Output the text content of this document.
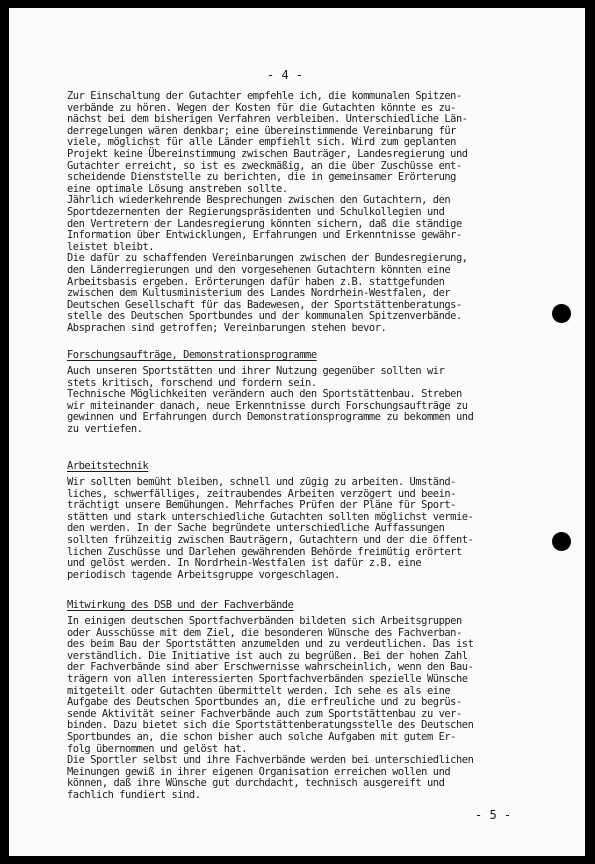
- 4 -
Zur Einschaltung der Gutachter empfehle ich, die kommunalen Spitzen-
verbände zu hören. Wegen der Kosten für die Gutachten könnte es zu-
nächst bei dem bisherigen Verfahren verbleiben. Unterschiedliche Län-
derregelungen wären denkbar; eine übereinstimmende Vereinbarung für
viele, möglichst für alle Länder empfiehlt sich. Wird zum geplanten
Projekt keine Übereinstimmung zwischen Bauträger, Landesregierung und
Gutachter erreicht, so ist es zweckmäßig, an die über Zuschüsse ent-
scheidende Dienststelle zu berichten, die in gemeinsamer Erörterung
eine optimale Lösung anstreben sollte.
Jährlich wiederkehrende Besprechungen zwischen den Gutachtern, den
Sportdezernenten der Regierungspräsidenten und Schulkollegien und
den Vertretern der Landesregierung könnten sichern, daß die ständige
Information über Entwicklungen, Erfahrungen und Erkenntnisse gewähr-
leistet bleibt.
Die dafür zu schaffenden Vereinbarungen zwischen der Bundesregierung,
den Länderregierungen und den vorgesehenen Gutachtern könnten eine
Arbeitsbasis ergeben. Erörterungen dafür haben z.B. stattgefunden
zwischen dem Kultusministerium des Landes Nordrhein-Westfalen, der
Deutschen Gesellschaft für das Badewesen, der Sportstättenberatungs-
stelle des Deutschen Sportbundes und der kommunalen Spitzenverbände.
Absprachen sind getroffen; Vereinbarungen stehen bevor.
Forschungsaufträge, Demonstrationsprogramme
Auch unseren Sportstätten und ihrer Nutzung gegenüber sollten wir
stets kritisch, forschend und fordern sein.
Technische Möglichkeiten verändern auch den Sportstättenbau. Streben
wir miteinander danach, neue Erkenntnisse durch Forschungsaufträge zu
gewinnen und Erfahrungen durch Demonstrationsprogramme zu bekommen und
zu vertiefen.
Arbeitstechnik
Wir sollten bemüht bleiben, schnell und zügig zu arbeiten. Umständ-
liches, schwerfälliges, zeitraubendes Arbeiten verzögert und beein-
trächtigt unsere Bemühungen. Mehrfaches Prüfen der Pläne für Sport-
stätten und stark unterschiedliche Gutachten sollten möglichst vermie-
den werden. In der Sache begründete unterschiedliche Auffassungen
sollten frühzeitig zwischen Bauträgern, Gutachtern und der die öffent-
lichen Zuschüsse und Darlehen gewährenden Behörde freimütig erörtert
und gelöst werden. In Nordrhein-Westfalen ist dafür z.B. eine
periodisch tagende Arbeitsgruppe vorgeschlagen.
Mitwirkung des DSB und der Fachverbände
In einigen deutschen Sportfachverbänden bildeten sich Arbeitsgruppen
oder Ausschüsse mit dem Ziel, die besonderen Wünsche des Fachverban-
des beim Bau der Sportstätten anzumelden und zu verdeutlichen. Das ist
verständlich. Die Initiative ist auch zu begrüßen. Bei der hohen Zahl
der Fachverbände sind aber Erschwernisse wahrscheinlich, wenn den Bau-
trägern von allen interessierten Sportfachverbänden spezielle Wünsche
mitgeteilt oder Gutachten übermittelt werden. Ich sehe es als eine
Aufgabe des Deutschen Sportbundes an, die erfreuliche und zu begrüs-
sende Aktivität seiner Fachverbände auch zum Sportstättenbau zu ver-
binden. Dazu bietet sich die Sportstättenberatungsstelle des Deutschen
Sportbundes an, die schon bisher auch solche Aufgaben mit gutem Er-
folg übernommen und gelöst hat.
Die Sportler selbst und ihre Fachverbände werden bei unterschiedlichen
Meinungen gewiß in ihrer eigenen Organisation erreichen wollen und
können, daß ihre Wünsche gut durchdacht, technisch ausgereift und
fachlich fundiert sind.
- 5 -
